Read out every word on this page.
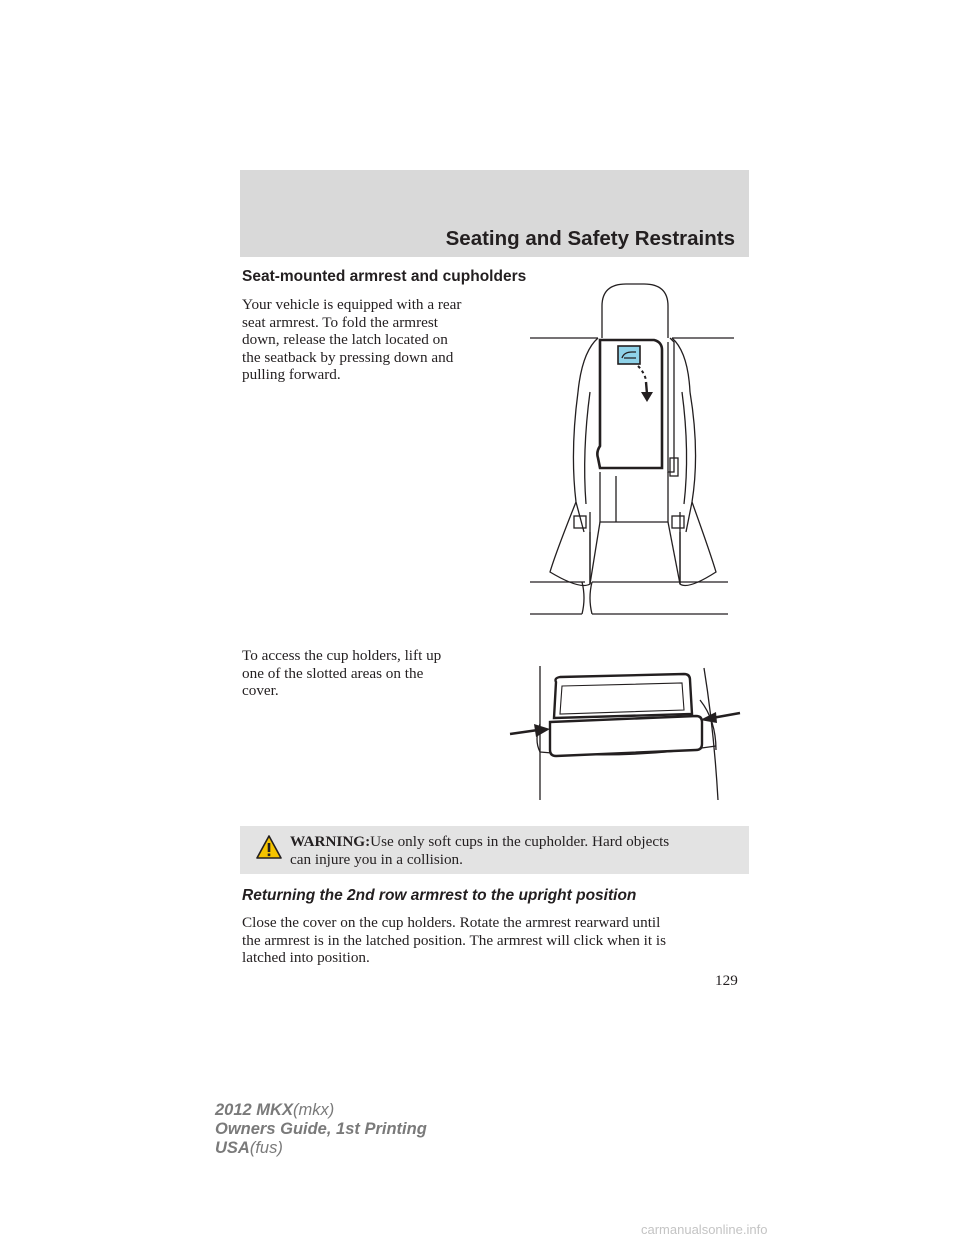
Seating and Safety Restraints
Seat-mounted armrest and cupholders
Your vehicle is equipped with a rear
seat armrest. To fold the armrest
down, release the latch located on
the seatback by pressing down and
pulling forward.
To access the cup holders, lift up
one of the slotted areas on the
cover.
WARNING:Use only soft cups in the cupholder. Hard objects
can injure you in a collision.
Returning the 2nd row armrest to the upright position
Close the cover on the cup holders. Rotate the armrest rearward until
the armrest is in the latched position. The armrest will click when it is
latched into position.
129
2012 MKX(mkx)
Owners Guide, 1st Printing
USA(fus)
carmanualsonline.info
